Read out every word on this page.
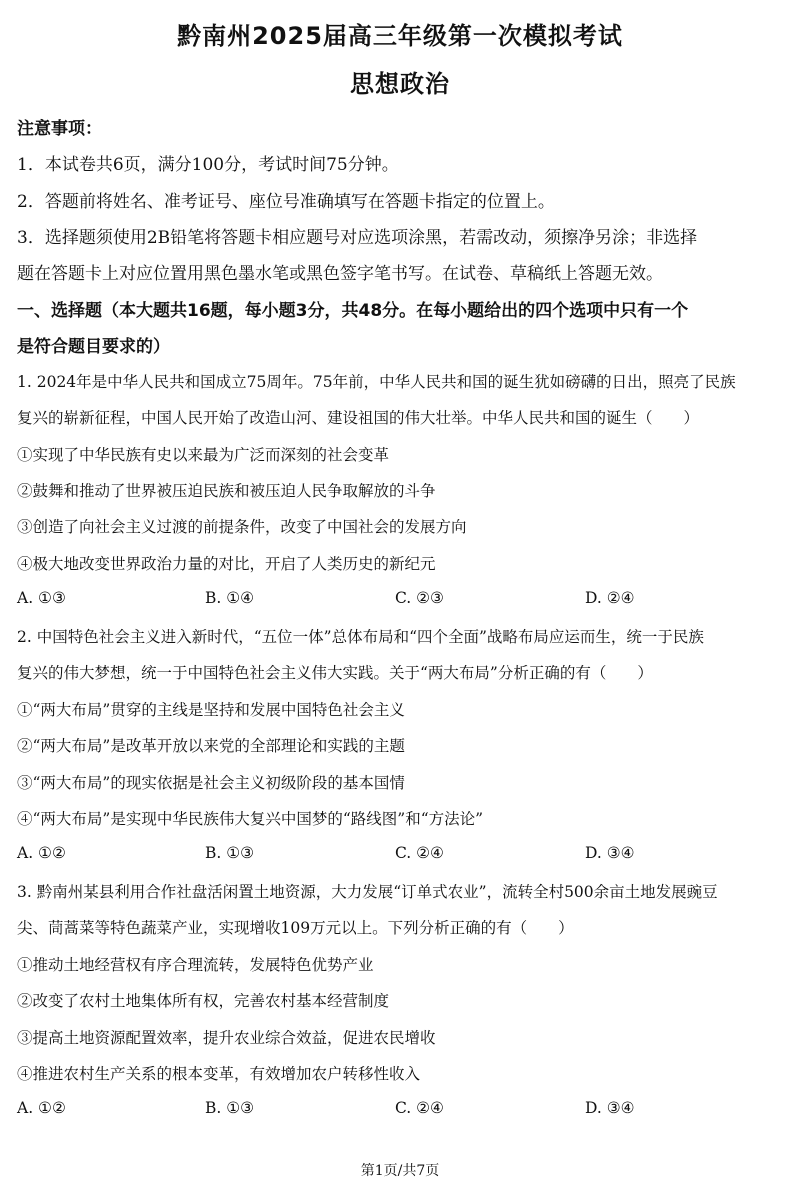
黔南州2025届高三年级第一次模拟考试
思想政治
注意事项：
1．本试卷共6页，满分100分，考试时间75分钟。
2．答题前将姓名、准考证号、座位号准确填写在答题卡指定的位置上。
3．选择题须使用2B铅笔将答题卡相应题号对应选项涂黑，若需改动，须擦净另涂；非选择
题在答题卡上对应位置用黑色墨水笔或黑色签字笔书写。在试卷、草稿纸上答题无效。
一、选择题（本大题共16题，每小题3分，共48分。在每小题给出的四个选项中只有一个
是符合题目要求的）
1. 2024年是中华人民共和国成立75周年。75年前，中华人民共和国的诞生犹如磅礴的日出，照亮了民族
复兴的崭新征程，中国人民开始了改造山河、建设祖国的伟大壮举。中华人民共和国的诞生（　　）
①实现了中华民族有史以来最为广泛而深刻的社会变革
②鼓舞和推动了世界被压迫民族和被压迫人民争取解放的斗争
③创造了向社会主义过渡的前提条件，改变了中国社会的发展方向
④极大地改变世界政治力量的对比，开启了人类历史的新纪元
A. ①③	B. ①④	C. ②③	D. ②④
2. 中国特色社会主义进入新时代，“五位一体”总体布局和“四个全面”战略布局应运而生，统一于民族
复兴的伟大梦想，统一于中国特色社会主义伟大实践。关于“两大布局”分析正确的有（　　）
①“两大布局”贯穿的主线是坚持和发展中国特色社会主义
②“两大布局”是改革开放以来党的全部理论和实践的主题
③“两大布局”的现实依据是社会主义初级阶段的基本国情
④“两大布局”是实现中华民族伟大复兴中国梦的“路线图”和“方法论”
A. ①②	B. ①③	C. ②④	D. ③④
3. 黔南州某县利用合作社盘活闲置土地资源，大力发展“订单式农业”，流转全村500余亩土地发展豌豆
尖、茼蒿菜等特色蔬菜产业，实现增收109万元以上。下列分析正确的有（　　）
①推动土地经营权有序合理流转，发展特色优势产业
②改变了农村土地集体所有权，完善农村基本经营制度
③提高土地资源配置效率，提升农业综合效益，促进农民增收
④推进农村生产关系的根本变革，有效增加农户转移性收入
A. ①②	B. ①③	C. ②④	D. ③④
第1页/共7页
